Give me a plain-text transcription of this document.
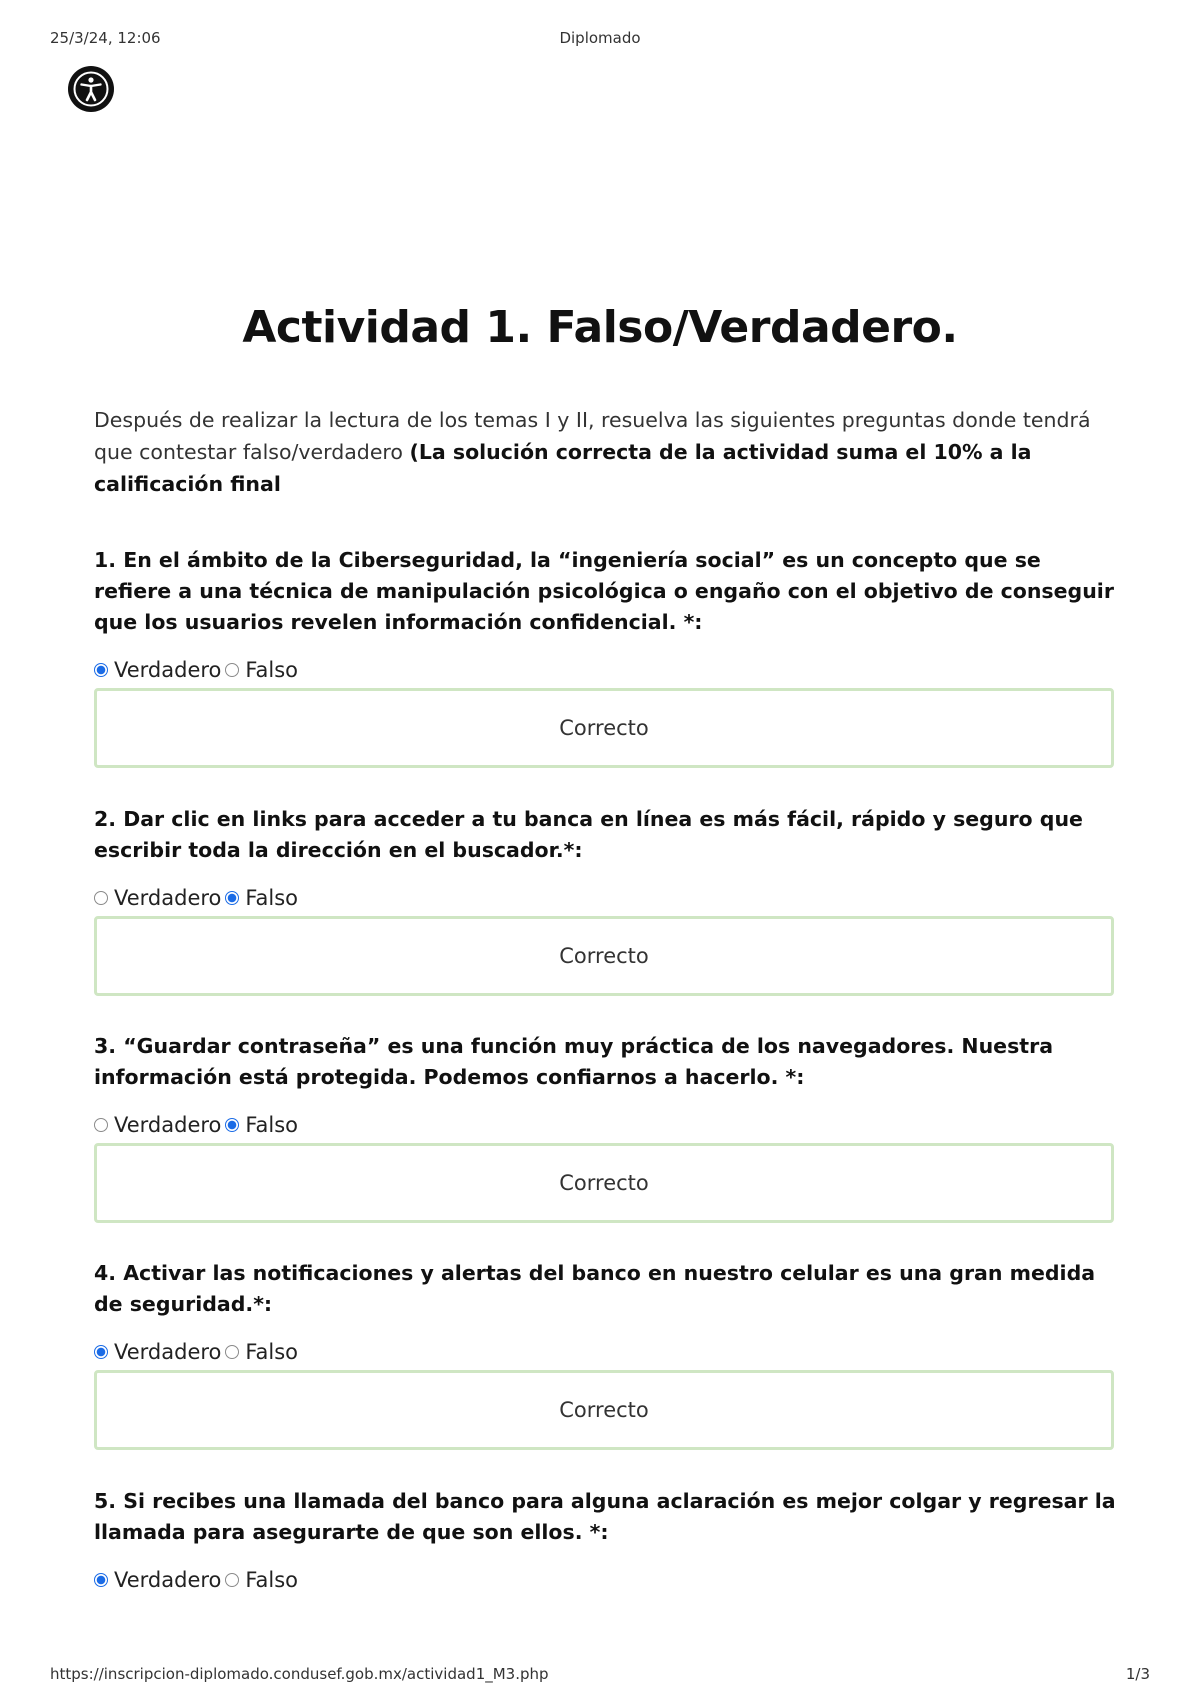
25/3/24, 12:06	Diplomado
Actividad 1. Falso/Verdadero.

Después de realizar la lectura de los temas I y II, resuelva las siguientes preguntas donde tendrá que contestar falso/verdadero (La solución correcta de la actividad suma el 10% a la calificación final

1. En el ámbito de la Ciberseguridad, la “ingeniería social” es un concepto que se refiere a una técnica de manipulación psicológica o engaño con el objetivo de conseguir que los usuarios revelen información confidencial. *:

Verdadero Falso
Correcto

2. Dar clic en links para acceder a tu banca en línea es más fácil, rápido y seguro que escribir toda la dirección en el buscador.*:

Verdadero Falso
Correcto

3. “Guardar contraseña” es una función muy práctica de los navegadores. Nuestra información está protegida. Podemos confiarnos a hacerlo. *:

Verdadero Falso
Correcto

4. Activar las notificaciones y alertas del banco en nuestro celular es una gran medida de seguridad.*:

Verdadero Falso
Correcto

5. Si recibes una llamada del banco para alguna aclaración es mejor colgar y regresar la llamada para asegurarte de que son ellos. *:

Verdadero Falso
https://inscripcion-diplomado.condusef.gob.mx/actividad1_M3.php	1/3
